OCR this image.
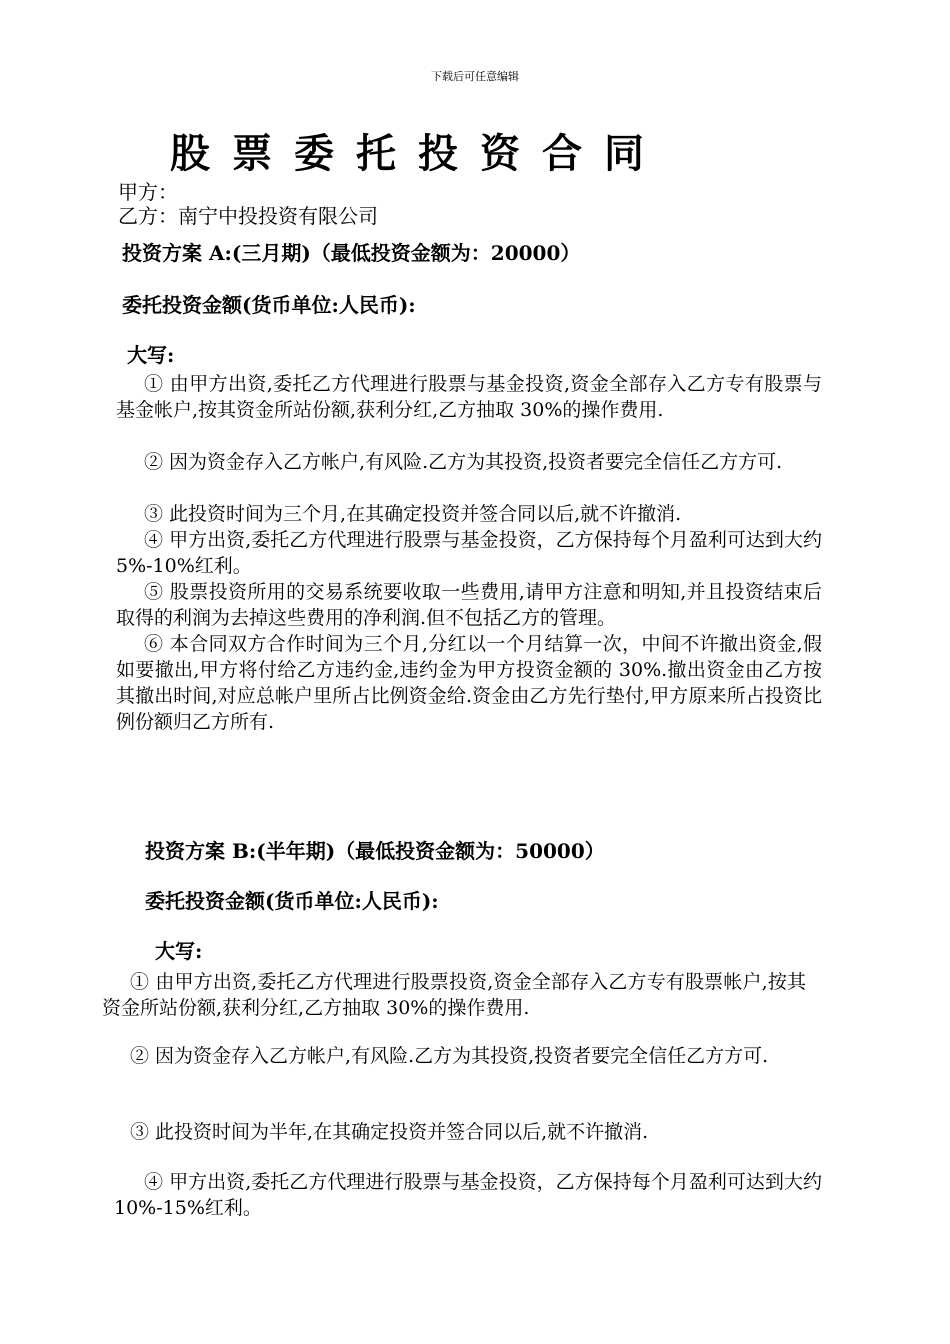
下载后可任意编辑
股票委托投资合同
甲方：
乙方：南宁中投投资有限公司
投资方案 A:(三月期)（最低投资金额为：20000）
委托投资金额(货币单位:人民币):
大写:
① 由甲方出资,委托乙方代理进行股票与基金投资,资金全部存入乙方专有股票与基金帐户,按其资金所站份额,获利分红,乙方抽取 30%的操作费用.
② 因为资金存入乙方帐户,有风险.乙方为其投资,投资者要完全信任乙方方可.
③ 此投资时间为三个月,在其确定投资并签合同以后,就不许撤消.
④ 甲方出资,委托乙方代理进行股票与基金投资，乙方保持每个月盈利可达到大约 5%-10%红利。
⑤ 股票投资所用的交易系统要收取一些费用,请甲方注意和明知,并且投资结束后取得的利润为去掉这些费用的净利润.但不包括乙方的管理。
⑥ 本合同双方合作时间为三个月,分红以一个月结算一次，中间不许撤出资金,假如要撤出,甲方将付给乙方违约金,违约金为甲方投资金额的 30%.撤出资金由乙方按其撤出时间,对应总帐户里所占比例资金给.资金由乙方先行垫付,甲方原来所占投资比例份额归乙方所有.
投资方案 B:(半年期)（最低投资金额为：50000）
委托投资金额(货币单位:人民币):
大写:
① 由甲方出资,委托乙方代理进行股票投资,资金全部存入乙方专有股票帐户,按其资金所站份额,获利分红,乙方抽取 30%的操作费用.
② 因为资金存入乙方帐户,有风险.乙方为其投资,投资者要完全信任乙方方可.
③ 此投资时间为半年,在其确定投资并签合同以后,就不许撤消.
④ 甲方出资,委托乙方代理进行股票与基金投资，乙方保持每个月盈利可达到大约 10%-15%红利。
